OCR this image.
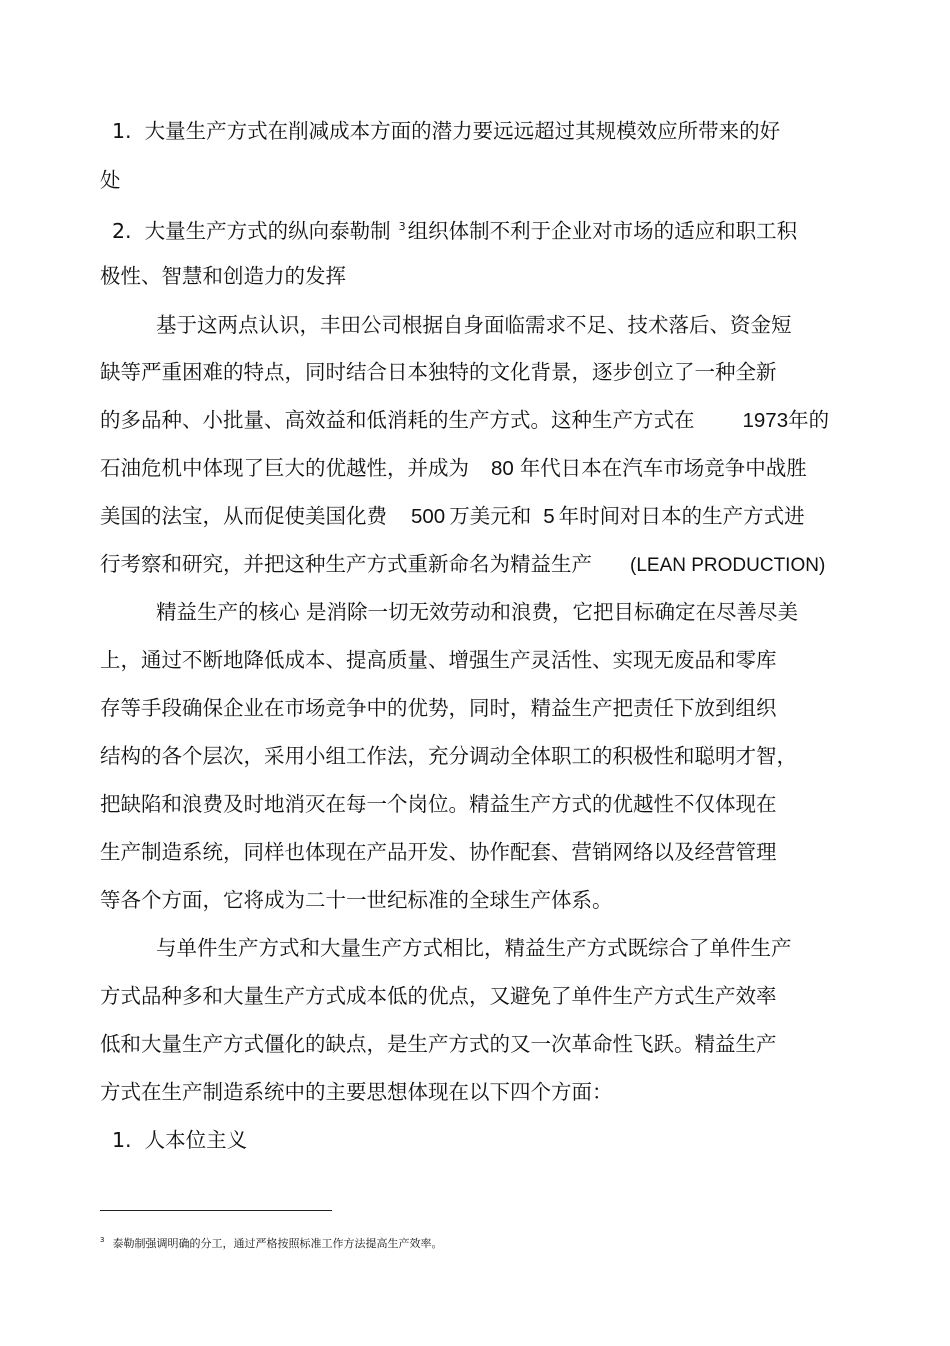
1. 大量生产方式在削减成本方面的潜力要远远超过其规模效应所带来的好
处
2. 大量生产方式的纵向泰勒制 $^3$组织体制不利于企业对市场的适应和职工积
极性、智慧和创造力的发挥
基于这两点认识，丰田公司根据自身面临需求不足、技术落后、资金短
缺等严重困难的特点，同时结合日本独特的文化背景，逐步创立了一种全新
的多品种、小批量、高效益和低消耗的生产方式。这种生产方式在 1973年的
石油危机中体现了巨大的优越性，并成为 80 年代日本在汽车市场竞争中战胜
美国的法宝，从而促使美国化费 500 万美元和 5 年时间对日本的生产方式进
行考察和研究，并把这种生产方式重新命名为精益生产 (LEAN PRODUCTION)
精益生产的核心 是消除一切无效劳动和浪费，它把目标确定在尽善尽美
上，通过不断地降低成本、提高质量、增强生产灵活性、实现无废品和零库
存等手段确保企业在市场竞争中的优势，同时，精益生产把责任下放到组织
结构的各个层次，采用小组工作法，充分调动全体职工的积极性和聪明才智，
把缺陷和浪费及时地消灭在每一个岗位。精益生产方式的优越性不仅体现在
生产制造系统，同样也体现在产品开发、协作配套、营销网络以及经营管理
等各个方面，它将成为二十一世纪标准的全球生产体系。
与单件生产方式和大量生产方式相比，精益生产方式既综合了单件生产
方式品种多和大量生产方式成本低的优点，又避免了单件生产方式生产效率
低和大量生产方式僵化的缺点，是生产方式的又一次革命性飞跃。精益生产
方式在生产制造系统中的主要思想体现在以下四个方面：
1. 人本位主义
$^3$ 泰勒制强调明确的分工，通过严格按照标准工作方法提高生产效率。
